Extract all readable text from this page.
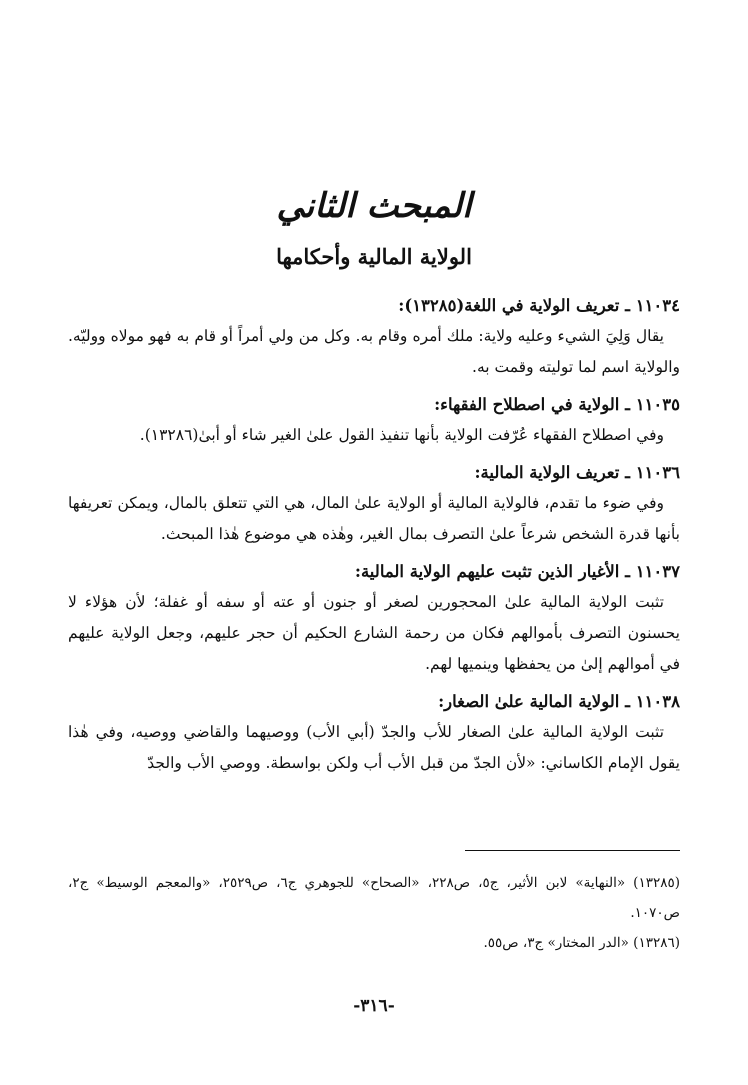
المبحث الثاني
الولاية المالية وأحكامها

١١٠٣٤ ـ تعريف الولاية في اللغة(١٣٢٨٥):

يقال وَلِيَ الشيء وعليه ولاية: ملك أمره وقام به. وكل من ولي أمراً أو قام به فهو مولاه ووليّه. والولاية اسم لما توليته وقمت به.

١١٠٣٥ ـ الولاية في اصطلاح الفقهاء:

وفي اصطلاح الفقهاء عُرّفت الولاية بأنها تنفيذ القول علىٰ الغير شاء أو أبىٰ(١٣٢٨٦).

١١٠٣٦ ـ تعريف الولاية المالية:

وفي ضوء ما تقدم، فالولاية المالية أو الولاية علىٰ المال، هي التي تتعلق بالمال، ويمكن تعريفها بأنها قدرة الشخص شرعاً علىٰ التصرف بمال الغير، وهٰذه هي موضوع هٰذا المبحث.

١١٠٣٧ ـ الأغيار الذين تثبت عليهم الولاية المالية:

تثبت الولاية المالية علىٰ المحجورين لصغر أو جنون أو عته أو سفه أو غفلة؛ لأن هؤلاء لا يحسنون التصرف بأموالهم فكان من رحمة الشارع الحكيم أن حجر عليهم، وجعل الولاية عليهم في أموالهم إلىٰ من يحفظها وينميها لهم.

١١٠٣٨ ـ الولاية المالية علىٰ الصغار:

تثبت الولاية المالية علىٰ الصغار للأب والجدّ (أبي الأب) ووصيهما والقاضي ووصيه، وفي هٰذا يقول الإمام الكاساني: «لأن الجدّ من قبل الأب أب ولكن بواسطة. ووصي الأب والجدّ

(١٣٢٨٥) «النهاية» لابن الأثير، ج٥، ص٢٢٨، «الصحاح» للجوهري ج٦، ص٢٥٢٩، «والمعجم الوسيط» ج٢، ص١٠٧٠.

(١٣٢٨٦) «الدر المختار» ج٣، ص٥٥.

-٣١٦-
